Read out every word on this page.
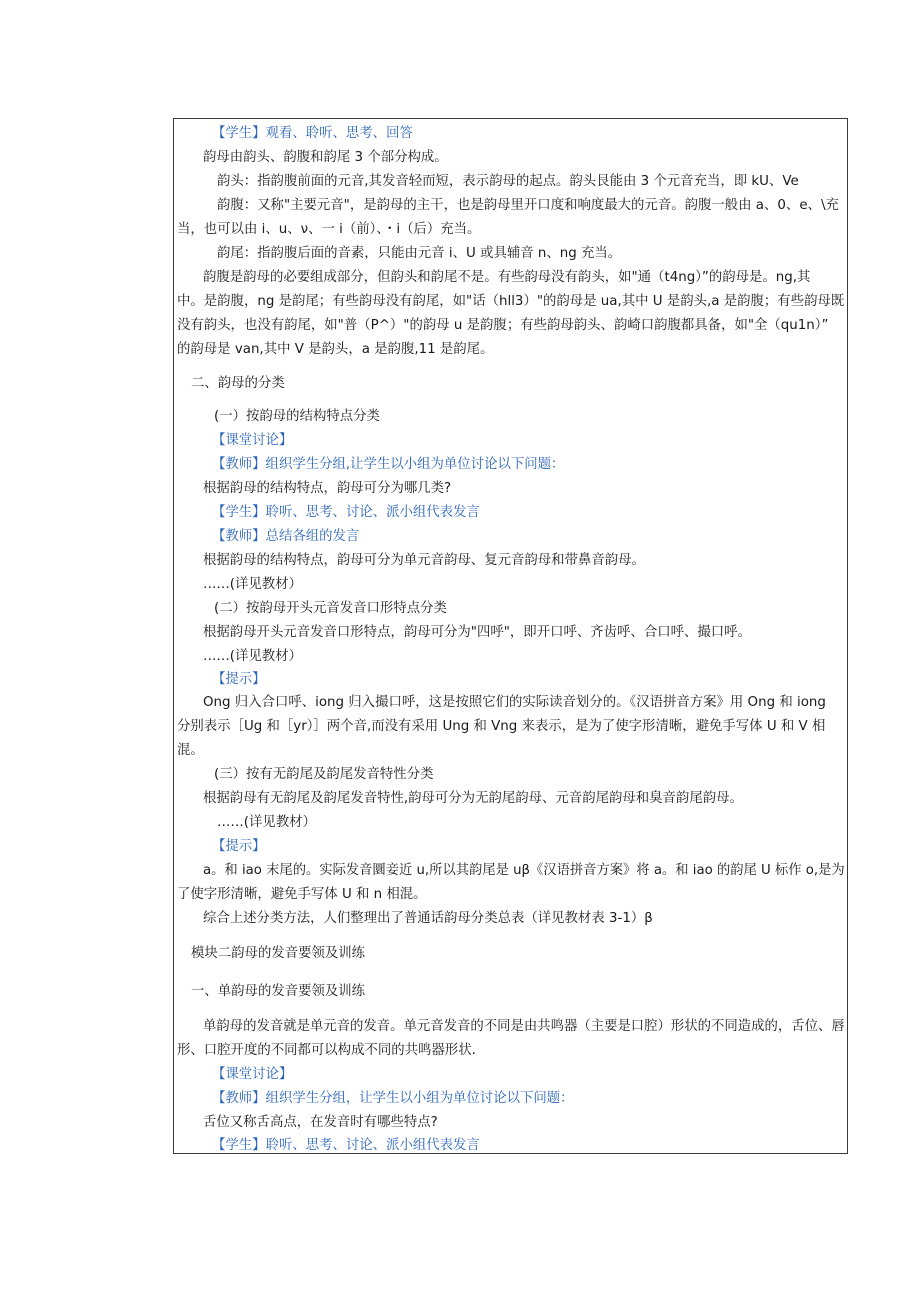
【学生】观看、聆听、思考、回答
韵母由韵头、韵腹和韵尾 3 个部分构成。
韵头：指韵腹前面的元音,其发音轻而短，表示韵母的起点。韵头艮能由 3 个元音充当，即 kU、Ve
韵腹：又称"主要元音"，是韵母的主干，也是韵母里开口度和响度最大的元音。韵腹一般由 a、0、e、\充
当，也可以由 i、u、ν、一 i（前）、・i（后）充当。
韵尾：指韵腹后面的音素，只能由元音 i、U 或具辅音 n、ng 充当。
韵腹是韵母的必要组成部分，但韵头和韵尾不是。有些韵母没有韵头，如"通（t4ng）”的韵母是。ng,其
中。是韵腹，ng 是韵尾；有些韵母没有韵尾，如"话（hll3）"的韵母是 ua,其中 U 是韵头,a 是韵腹；有些韵母既
没有韵头，也没有韵尾，如"普（P^）"的韵母 u 是韵腹；有些韵母韵头、韵崎口韵腹都具备，如"全（qu1n）”
的韵母是 van,其中 V 是韵头，a 是韵腹,11 是韵尾。
二、韵母的分类
(一）按韵母的结构特点分类
【课堂讨论】
【教师】组织学生分组,让学生以小组为单位讨论以下问题：
根据韵母的结构特点，韵母可分为哪几类?
【学生】聆听、思考、讨论、派小组代表发言
【教师】总结各组的发言
根据韵母的结构特点，韵母可分为单元音韵母、复元音韵母和带鼻音韵母。
……(详见教材）
(二）按韵母开头元音发音口形特点分类
根据韵母开头元音发音口形特点，韵母可分为"四呼"，即开口呼、齐齿呼、合口呼、撮口呼。
……(详见教材）
【提示】
Ong 归入合口呼、iong 归入撮口呼，这是按照它们的实际读音划分的。《汉语拼音方案》用 Ong 和 iong
分别表示［Ug 和［yr）］两个音,而没有采用 Ung 和 Vng 来表示，是为了使字形清晰，避免手写体 U 和 V 相
混。
(三）按有无韵尾及韵尾发音特性分类
根据韵母有无韵尾及韵尾发音特性,韵母可分为无韵尾韵母、元音韵尾韵母和臭音韵尾韵母。
……(详见教材）
【提示】
a。和 iao 末尾的。实际发音圜妾近 u,所以其韵尾是 uβ《汉语拼音方案》将 a。和 iao 的韵尾 U 标作 o,是为
了使字形清晰，避免手写体 U 和 n 相混。
综合上述分类方法，人们整理出了普通话韵母分类总表（详见教材表 3-1）β
模块二韵母的发音要领及训练
一、单韵母的发音要领及训练
单韵母的发音就是单元音的发音。单元音发音的不同是由共鸣器（主要是口腔）形状的不同造成的，舌位、唇
形、口腔开度的不同都可以构成不同的共鸣器形状.
【课堂讨论】
【教师】组织学生分组，让学生以小组为单位讨论以下问题：
舌位又称舌高点，在发音时有哪些特点?
【学生】聆听、思考、讨论、派小组代表发言
